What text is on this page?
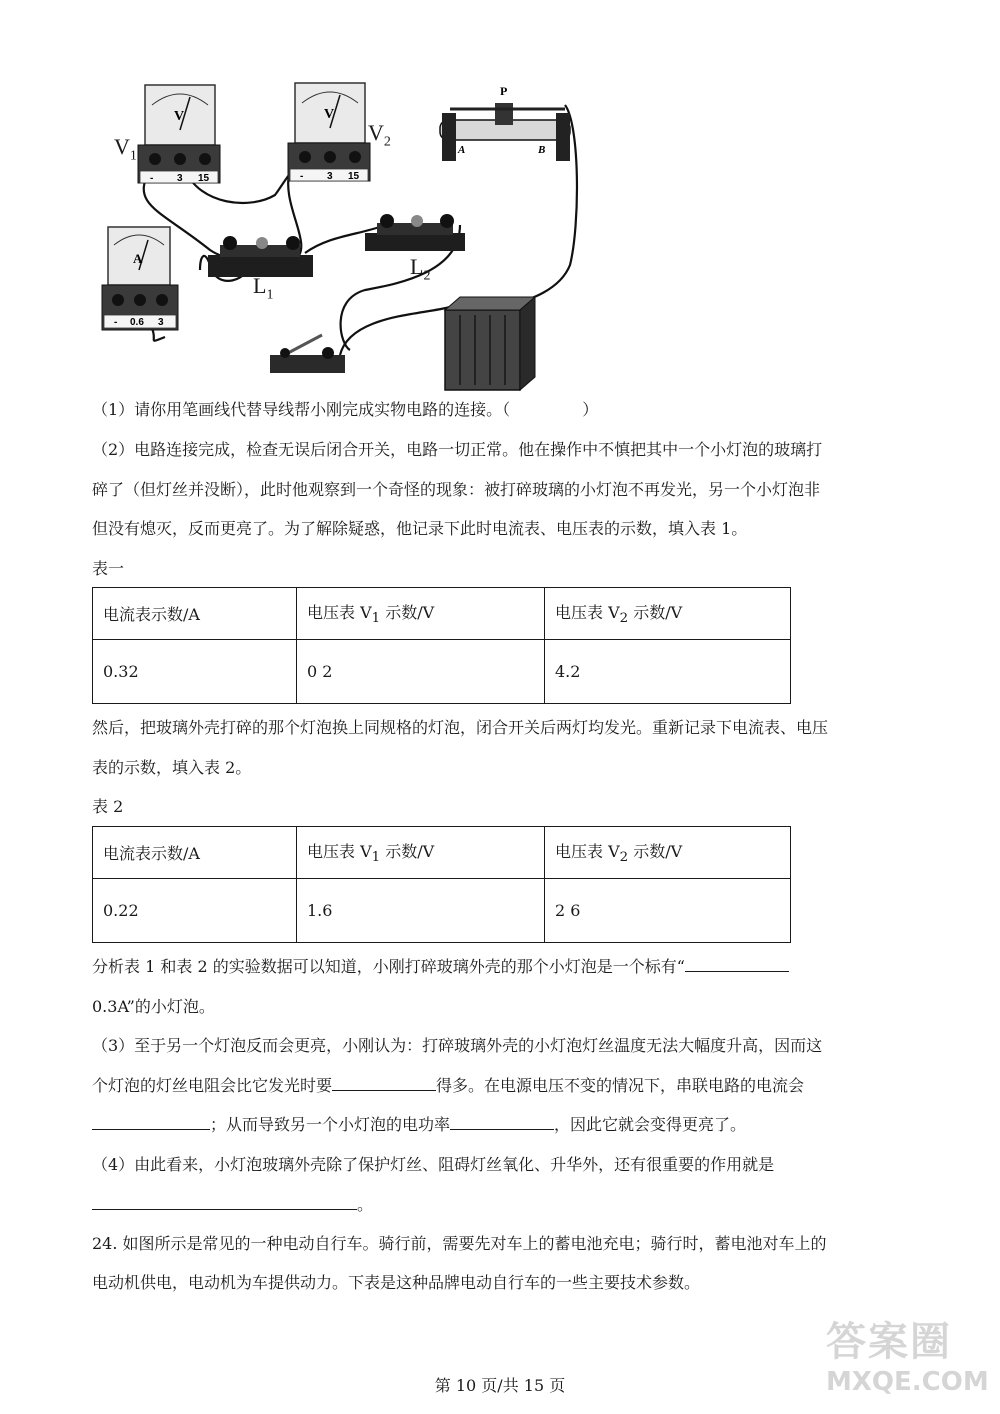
V
- 3 15
V
- 3 15
A
- 0.6 3
P
A	B
$V_1$
$V_2$
$L_1$
$L_2$
（1）请你用笔画线代替导线帮小刚完成实物电路的连接。（	）
（2）电路连接完成，检查无误后闭合开关，电路一切正常。他在操作中不慎把其中一个小灯泡的玻璃打
碎了（但灯丝并没断），此时他观察到一个奇怪的现象：被打碎玻璃的小灯泡不再发光，另一个小灯泡非
但没有熄灭，反而更亮了。为了解除疑惑，他记录下此时电流表、电压表的示数，填入表 1。
表一
电流表示数/A	电压表 $V_1$ 示数/V	电压表 $V_2$ 示数/V
0.32	0 2	4.2
然后，把玻璃外壳打碎的那个灯泡换上同规格的灯泡，闭合开关后两灯均发光。重新记录下电流表、电压
表的示数，填入表 2。
表 2
电流表示数/A	电压表 $V_1$ 示数/V	电压表 $V_2$ 示数/V
0.22	1.6	2 6
分析表 1 和表 2 的实验数据可以知道，小刚打碎玻璃外壳的那个小灯泡是一个标有“
0.3A”的小灯泡。
（3）至于另一个灯泡反而会更亮，小刚认为：打碎玻璃外壳的小灯泡灯丝温度无法大幅度升高，因而这
个灯泡的灯丝电阻会比它发光时要	得多。在电源电压不变的情况下，串联电路的电流会
；从而导致另一个小灯泡的电功率	，因此它就会变得更亮了。
（4）由此看来，小灯泡玻璃外壳除了保护灯丝、阻碍灯丝氧化、升华外，还有很重要的作用就是
。
24. 如图所示是常见的一种电动自行车。骑行前，需要先对车上的蓄电池充电；骑行时，蓄电池对车上的
电动机供电，电动机为车提供动力。下表是这种品牌电动自行车的一些主要技术参数。
第 10 页/共 15 页
答案圈
MXQE.COM
